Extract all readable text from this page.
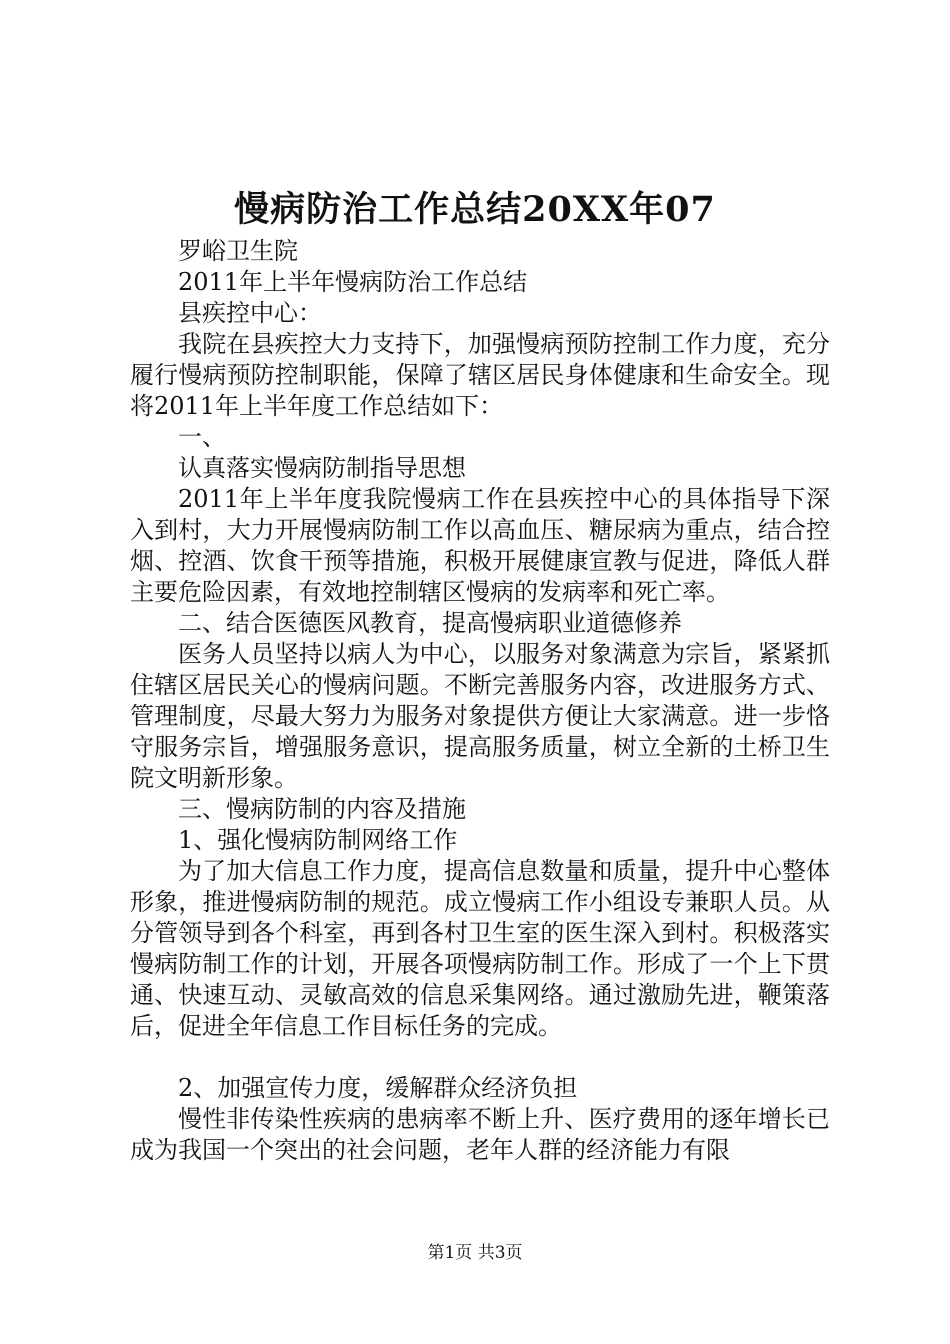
慢病防治工作总结20XX年07

罗峪卫生院

2011年上半年慢病防治工作总结

县疾控中心：

我院在县疾控大力支持下，加强慢病预防控制工作力度，充分履行慢病预防控制职能，保障了辖区居民身体健康和生命安全。现将2011年上半年度工作总结如下：

一、

认真落实慢病防制指导思想

2011年上半年度我院慢病工作在县疾控中心的具体指导下深入到村，大力开展慢病防制工作以高血压、糖尿病为重点，结合控烟、控酒、饮食干预等措施，积极开展健康宣教与促进，降低人群主要危险因素，有效地控制辖区慢病的发病率和死亡率。

二、结合医德医风教育，提高慢病职业道德修养

医务人员坚持以病人为中心，以服务对象满意为宗旨，紧紧抓住辖区居民关心的慢病问题。不断完善服务内容，改进服务方式、管理制度，尽最大努力为服务对象提供方便让大家满意。进一步恪守服务宗旨，增强服务意识，提高服务质量，树立全新的土桥卫生院文明新形象。

三、慢病防制的内容及措施

1、强化慢病防制网络工作

为了加大信息工作力度，提高信息数量和质量，提升中心整体形象，推进慢病防制的规范。成立慢病工作小组设专兼职人员。从分管领导到各个科室，再到各村卫生室的医生深入到村。积极落实慢病防制工作的计划，开展各项慢病防制工作。形成了一个上下贯通、快速互动、灵敏高效的信息采集网络。通过激励先进，鞭策落后，促进全年信息工作目标任务的完成。

2、加强宣传力度，缓解群众经济负担

慢性非传染性疾病的患病率不断上升、医疗费用的逐年增长已成为我国一个突出的社会问题，老年人群的经济能力有限

第1页 共3页
